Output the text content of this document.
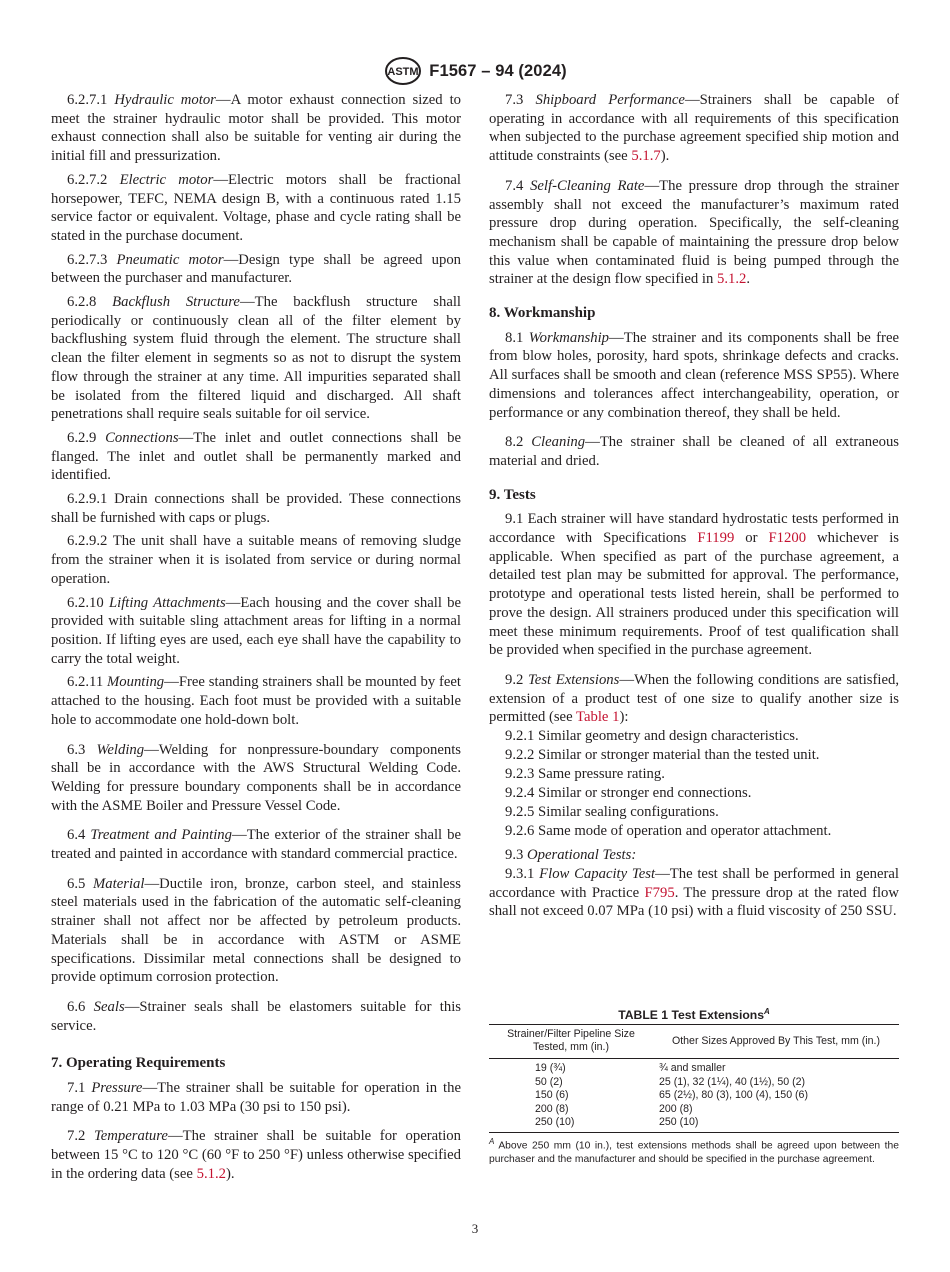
ASTM F1567 – 94 (2024)

6.2.7.1 Hydraulic motor—A motor exhaust connection sized to meet the strainer hydraulic motor shall be provided. This motor exhaust connection shall also be suitable for venting air during the initial fill and pressurization.

6.2.7.2 Electric motor—Electric motors shall be fractional horsepower, TEFC, NEMA design B, with a continuous rated 1.15 service factor or equivalent. Voltage, phase and cycle rating shall be stated in the purchase document.

6.2.7.3 Pneumatic motor—Design type shall be agreed upon between the purchaser and manufacturer.

6.2.8 Backflush Structure—The backflush structure shall periodically or continuously clean all of the filter element by backflushing system fluid through the element. The structure shall clean the filter element in segments so as not to disrupt the system flow through the strainer at any time. All impurities separated shall be isolated from the filtered liquid and discharged. All shaft penetrations shall require seals suitable for oil service.

6.2.9 Connections—The inlet and outlet connections shall be flanged. The inlet and outlet shall be permanently marked and identified.

6.2.9.1 Drain connections shall be provided. These connections shall be furnished with caps or plugs.

6.2.9.2 The unit shall have a suitable means of removing sludge from the strainer when it is isolated from service or during normal operation.

6.2.10 Lifting Attachments—Each housing and the cover shall be provided with suitable sling attachment areas for lifting in a normal position. If lifting eyes are used, each eye shall have the capability to carry the total weight.

6.2.11 Mounting—Free standing strainers shall be mounted by feet attached to the housing. Each foot must be provided with a suitable hole to accommodate one hold-down bolt.

6.3 Welding—Welding for nonpressure-boundary components shall be in accordance with the AWS Structural Welding Code. Welding for pressure boundary components shall be in accordance with the ASME Boiler and Pressure Vessel Code.

6.4 Treatment and Painting—The exterior of the strainer shall be treated and painted in accordance with standard commercial practice.

6.5 Material—Ductile iron, bronze, carbon steel, and stainless steel materials used in the fabrication of the automatic self-cleaning strainer shall not affect nor be affected by petroleum products. Materials shall be in accordance with ASTM or ASME specifications. Dissimilar metal connections shall be designed to provide optimum corrosion protection.

6.6 Seals—Strainer seals shall be elastomers suitable for this service.

7. Operating Requirements

7.1 Pressure—The strainer shall be suitable for operation in the range of 0.21 MPa to 1.03 MPa (30 psi to 150 psi).

7.2 Temperature—The strainer shall be suitable for operation between 15 °C to 120 °C (60 °F to 250 °F) unless otherwise specified in the ordering data (see 5.1.2).

7.3 Shipboard Performance—Strainers shall be capable of operating in accordance with all requirements of this specification when subjected to the purchase agreement specified ship motion and attitude constraints (see 5.1.7).

7.4 Self-Cleaning Rate—The pressure drop through the strainer assembly shall not exceed the manufacturer’s maximum rated pressure drop during operation. Specifically, the self-cleaning mechanism shall be capable of maintaining the pressure drop below this value when contaminated fluid is being pumped through the strainer at the design flow specified in 5.1.2.

8. Workmanship

8.1 Workmanship—The strainer and its components shall be free from blow holes, porosity, hard spots, shrinkage defects and cracks. All surfaces shall be smooth and clean (reference MSS SP55). Where dimensions and tolerances affect interchangeability, operation, or performance or any combination thereof, they shall be held.

8.2 Cleaning—The strainer shall be cleaned of all extraneous material and dried.

9. Tests

9.1 Each strainer will have standard hydrostatic tests performed in accordance with Specifications F1199 or F1200 whichever is applicable. When specified as part of the purchase agreement, a detailed test plan may be submitted for approval. The performance, prototype and operational tests listed herein, shall be performed to prove the design. All strainers produced under this specification will meet these minimum requirements. Proof of test qualification shall be provided when specified in the purchase agreement.

9.2 Test Extensions—When the following conditions are satisfied, extension of a product test of one size to qualify another size is permitted (see Table 1):

9.2.1 Similar geometry and design characteristics.
9.2.2 Similar or stronger material than the tested unit.
9.2.3 Same pressure rating.
9.2.4 Similar or stronger end connections.
9.2.5 Similar sealing configurations.
9.2.6 Same mode of operation and operator attachment.

9.3 Operational Tests:

9.3.1 Flow Capacity Test—The test shall be performed in general accordance with Practice F795. The pressure drop at the rated flow shall not exceed 0.07 MPa (10 psi) with a fluid viscosity of 250 SSU.

TABLE 1 Test Extensions$^A$
Strainer/Filter Pipeline Size Tested, mm (in.)	Other Sizes Approved By This Test, mm (in.)
19 (¾)	¾ and smaller
50 (2)	25 (1), 32 (1¼), 40 (1½), 50 (2)
150 (6)	65 (2½), 80 (3), 100 (4), 150 (6)
200 (8)	200 (8)
250 (10)	250 (10)
$^A$ Above 250 mm (10 in.), test extensions methods shall be agreed upon between the purchaser and the manufacturer and should be specified in the purchase agreement.
3
